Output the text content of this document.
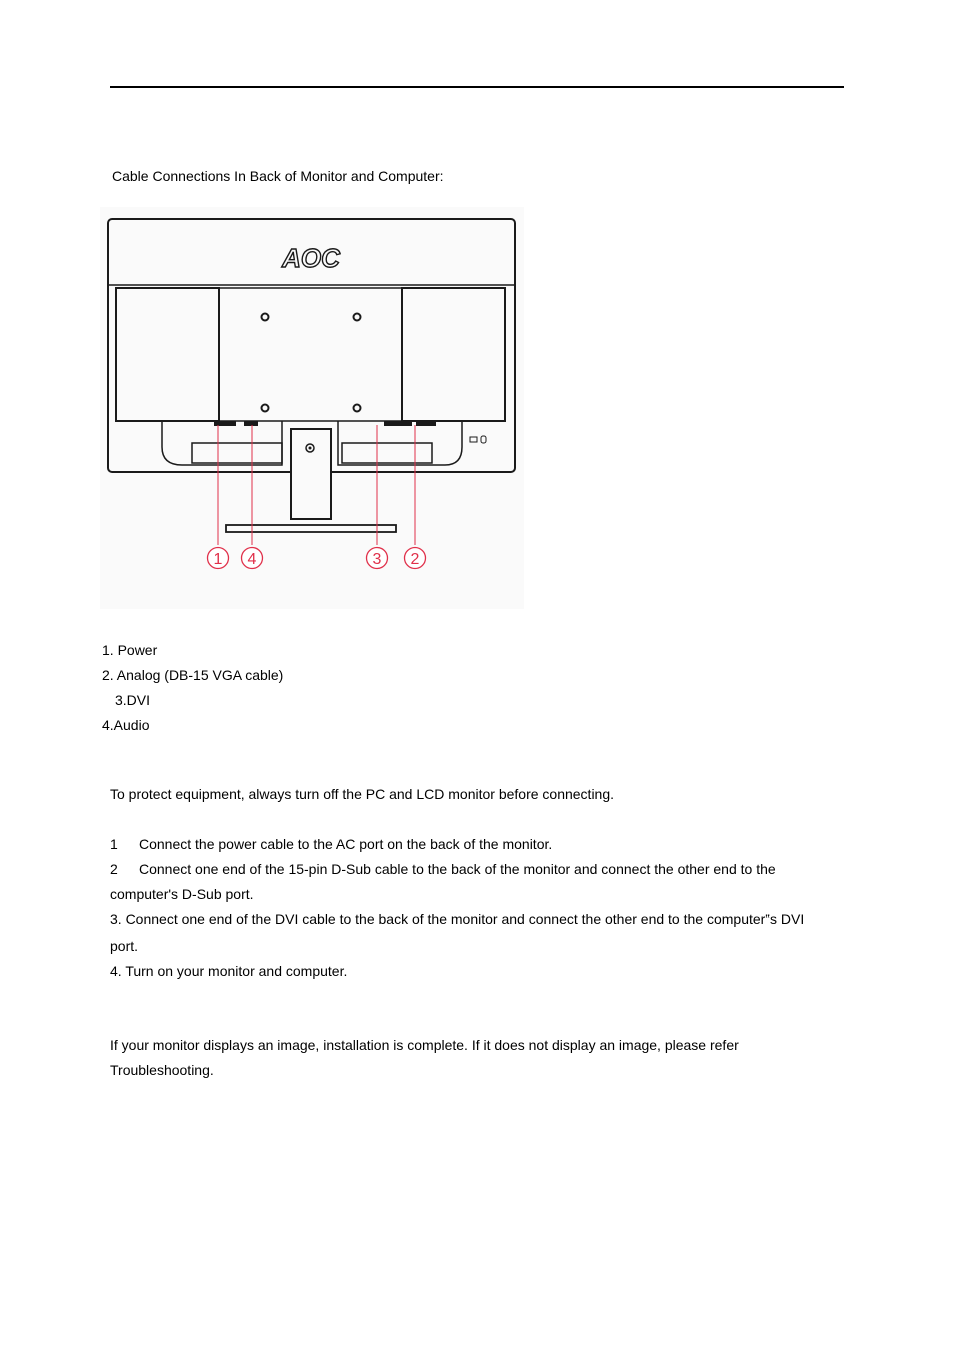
Cable Connections In Back of Monitor and Computer:
AOC
1 4	3 2
1. Power
2. Analog (DB-15 VGA cable)
3.DVI
4.Audio
To protect equipment, always turn off the PC and LCD monitor before connecting.
1 Connect the power cable to the AC port on the back of the monitor.
2 Connect one end of the 15-pin D-Sub cable to the back of the monitor and connect the other end to the
computer's D-Sub port.
3. Connect one end of the DVI cable to the back of the monitor and connect the other end to the computer‟s DVI
port.
4. Turn on your monitor and computer.
If your monitor displays an image, installation is complete. If it does not display an image, please refer
Troubleshooting.
